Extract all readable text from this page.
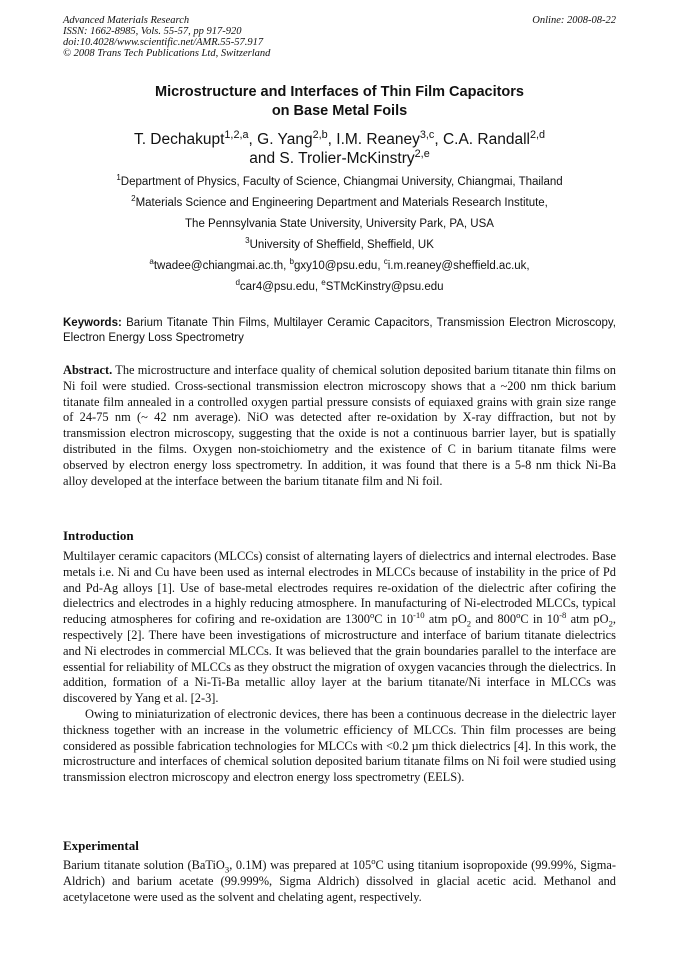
Advanced Materials Research
ISSN: 1662-8985, Vols. 55-57, pp 917-920
doi:10.4028/www.scientific.net/AMR.55-57.917
© 2008 Trans Tech Publications Ltd, Switzerland
Online: 2008-08-22
Microstructure and Interfaces of Thin Film Capacitors
on Base Metal Foils
T. Dechakupt$^{1,2,a}$, G. Yang$^{2,b}$, I.M. Reaney$^{3,c}$, C.A. Randall$^{2,d}$
and S. Trolier-McKinstry$^{2,e}$
$^1$Department of Physics, Faculty of Science, Chiangmai University, Chiangmai, Thailand
$^2$Materials Science and Engineering Department and Materials Research Institute,
The Pennsylvania State University, University Park, PA, USA
$^3$University of Sheffield, Sheffield, UK
$^a$twadee@chiangmai.ac.th, $^b$gxy10@psu.edu, $^c$i.m.reaney@sheffield.ac.uk,
$^d$car4@psu.edu, $^e$STMcKinstry@psu.edu
Keywords: Barium Titanate Thin Films, Multilayer Ceramic Capacitors, Transmission Electron Microscopy, Electron Energy Loss Spectrometry
Abstract. The microstructure and interface quality of chemical solution deposited barium titanate thin films on Ni foil were studied. Cross-sectional transmission electron microscopy shows that a ~200 nm thick barium titanate film annealed in a controlled oxygen partial pressure consists of equiaxed grains with grain size range of 24-75 nm (~ 42 nm average). NiO was detected after re-oxidation by X-ray diffraction, but not by transmission electron microscopy, suggesting that the oxide is not a continuous barrier layer, but is spatially distributed in the films. Oxygen non-stoichiometry and the existence of C in barium titanate films were observed by electron energy loss spectrometry. In addition, it was found that there is a 5-8 nm thick Ni-Ba alloy developed at the interface between the barium titanate film and Ni foil.
Introduction

Multilayer ceramic capacitors (MLCCs) consist of alternating layers of dielectrics and internal electrodes. Base metals i.e. Ni and Cu have been used as internal electrodes in MLCCs because of instability in the price of Pd and Pd-Ag alloys [1]. Use of base-metal electrodes requires re-oxidation of the dielectric after cofiring the dielectrics and electrodes in a highly reducing atmosphere. In manufacturing of Ni-electroded MLCCs, typical reducing atmospheres for cofiring and re-oxidation are 1300$^o$C in $10^{-10}$ atm $pO_2$ and 800$^o$C in $10^{-8}$ atm $pO_2$, respectively [2]. There have been investigations of microstructure and interface of barium titanate dielectrics and Ni electrodes in commercial MLCCs. It was believed that the grain boundaries parallel to the interface are essential for reliability of MLCCs as they obstruct the migration of oxygen vacancies through the dielectrics. In addition, formation of a Ni-Ti-Ba metallic alloy layer at the barium titanate/Ni interface in MLCCs was discovered by Yang et al. [2-3].

Owing to miniaturization of electronic devices, there has been a continuous decrease in the dielectric layer thickness together with an increase in the volumetric efficiency of MLCCs. Thin film processes are being considered as possible fabrication technologies for MLCCs with <0.2 µm thick dielectrics [4]. In this work, the microstructure and interfaces of chemical solution deposited barium titanate films on Ni foil were studied using transmission electron microscopy and electron energy loss spectrometry (EELS).

Experimental

Barium titanate solution (BaTiO$_3$, 0.1M) was prepared at 105$^o$C using titanium isopropoxide (99.99%, Sigma-Aldrich) and barium acetate (99.999%, Sigma Aldrich) dissolved in glacial acetic acid. Methanol and acetylacetone were used as the solvent and chelating agent, respectively.
